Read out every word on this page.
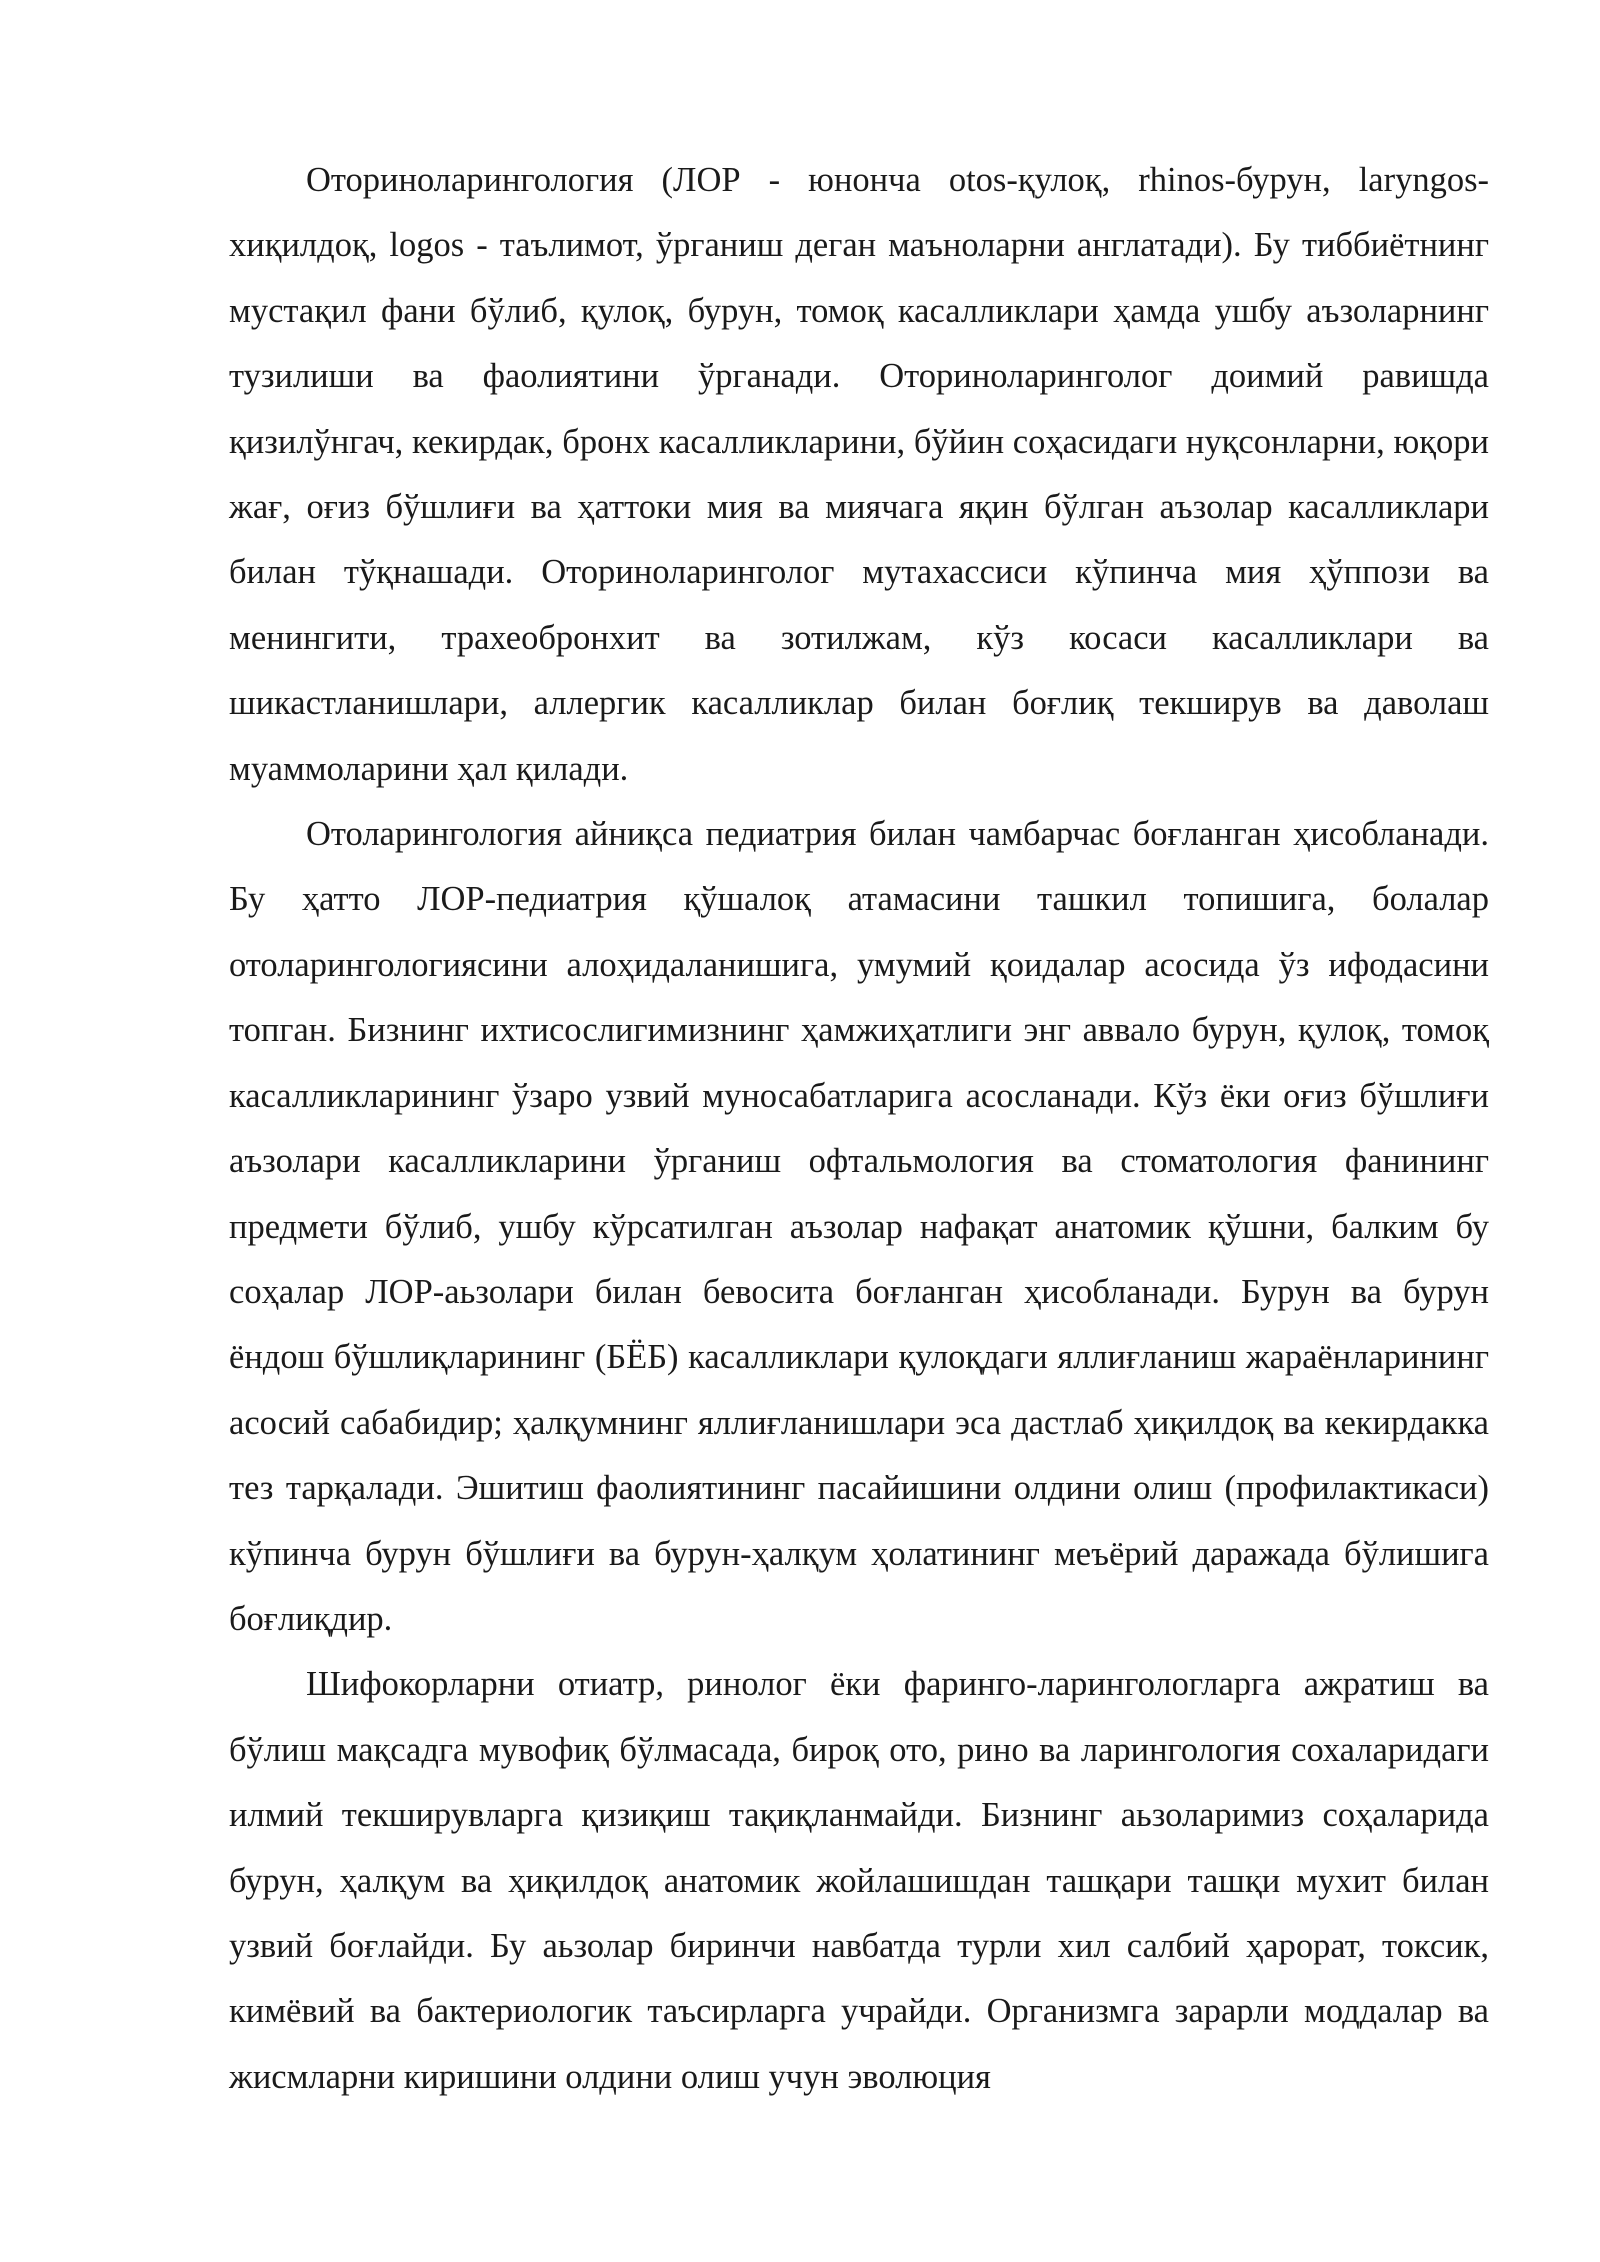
Оториноларингология (ЛОР - юнонча otos-қулоқ, rhinos-бурун, laryngos-хиқилдоқ, logos - таълимот, ўрганиш деган маъноларни англатади). Бу тиббиётнинг мустақил фани бўлиб, қулоқ, бурун, томоқ касалликлари ҳамда ушбу аъзоларнинг тузилиши ва фаолиятини ўрганади. Оториноларинголог доимий равишда қизилўнгач, кекирдак, бронх касалликларини, бўйин соҳасидаги нуқсонларни, юқори жағ, оғиз бўшлиғи ва ҳаттоки мия ва миячага яқин бўлган аъзолар касалликлари билан тўқнашади. Оториноларинголог мутахассиси кўпинча мия ҳўппози ва менингити, трахеобронхит ва зотилжам, кўз косаси касалликлари ва шикастланишлари, аллергик касалликлар билан боғлиқ текширув ва даволаш муаммоларини ҳал қилади.

Отоларингология айниқса педиатрия билан чамбарчас боғланган ҳисобланади. Бу ҳатто ЛОР-педиатрия қўшалоқ атамасини ташкил топишига, болалар отоларингологиясини алоҳидаланишига, умумий қоидалар асосида ўз ифодасини топган. Бизнинг ихтисослигимизнинг ҳамжиҳатлиги энг аввало бурун, қулоқ, томоқ касалликларининг ўзаро узвий муносабатларига асосланади. Кўз ёки оғиз бўшлиғи аъзолари касалликларини ўрганиш офтальмология ва стоматология фанининг предмети бўлиб, ушбу кўрсатилган аъзолар нафақат анатомик қўшни, балким бу соҳалар ЛОР-аьзолари билан бевосита боғланган ҳисобланади. Бурун ва бурун ёндош бўшлиқларининг (БЁБ) касалликлари қулоқдаги яллиғланиш жараёнларининг асосий сабабидир; ҳалқумнинг яллиғланишлари эса дастлаб ҳиқилдоқ ва кекирдакка тез тарқалади. Эшитиш фаолиятининг пасайишини олдини олиш (профилактикаси) кўпинча бурун бўшлиғи ва бурун-ҳалқум ҳолатининг меъёрий даражада бўлишига боғлиқдир.

Шифокорларни отиатр, ринолог ёки фаринго-ларингологларга ажратиш ва бўлиш мақсадга мувофиқ бўлмасада, бироқ ото, рино ва ларингология сохаларидаги илмий текширувларга қизиқиш тақиқланмайди. Бизнинг аьзоларимиз соҳаларида бурун, ҳалқум ва ҳиқилдоқ анатомик жойлашишдан ташқари ташқи мухит билан узвий боғлайди. Бу аьзолар биринчи навбатда турли хил салбий ҳарорат, токсик, кимёвий ва бактериологик таъсирларга учрайди. Организмга зарарли моддалар ва жисмларни киришини олдини олиш учун эволюция
